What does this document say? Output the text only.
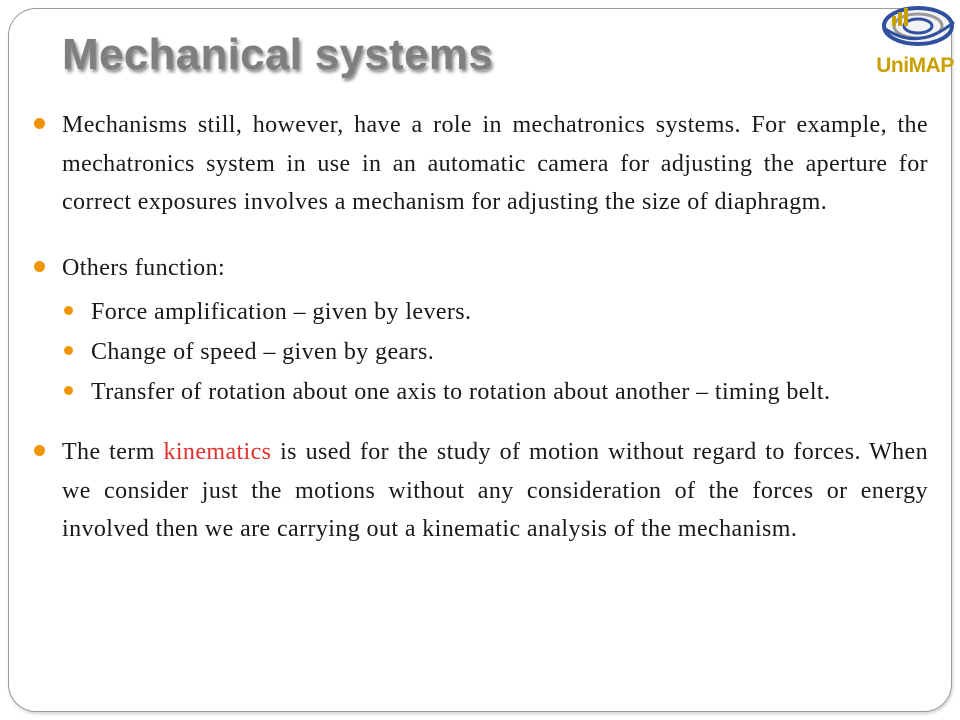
Mechanical systems	UniMAP
Mechanisms still, however, have a role in mechatronics systems. For example, the mechatronics system in use in an automatic camera for adjusting the aperture for correct exposures involves a mechanism for adjusting the size of diaphragm.
Others function:
Force amplification – given by levers.
Change of speed – given by gears.
Transfer of rotation about one axis to rotation about another – timing belt.
The term kinematics is used for the study of motion without regard to forces. When we consider just the motions without any consideration of the forces or energy involved then we are carrying out a kinematic analysis of the mechanism.
